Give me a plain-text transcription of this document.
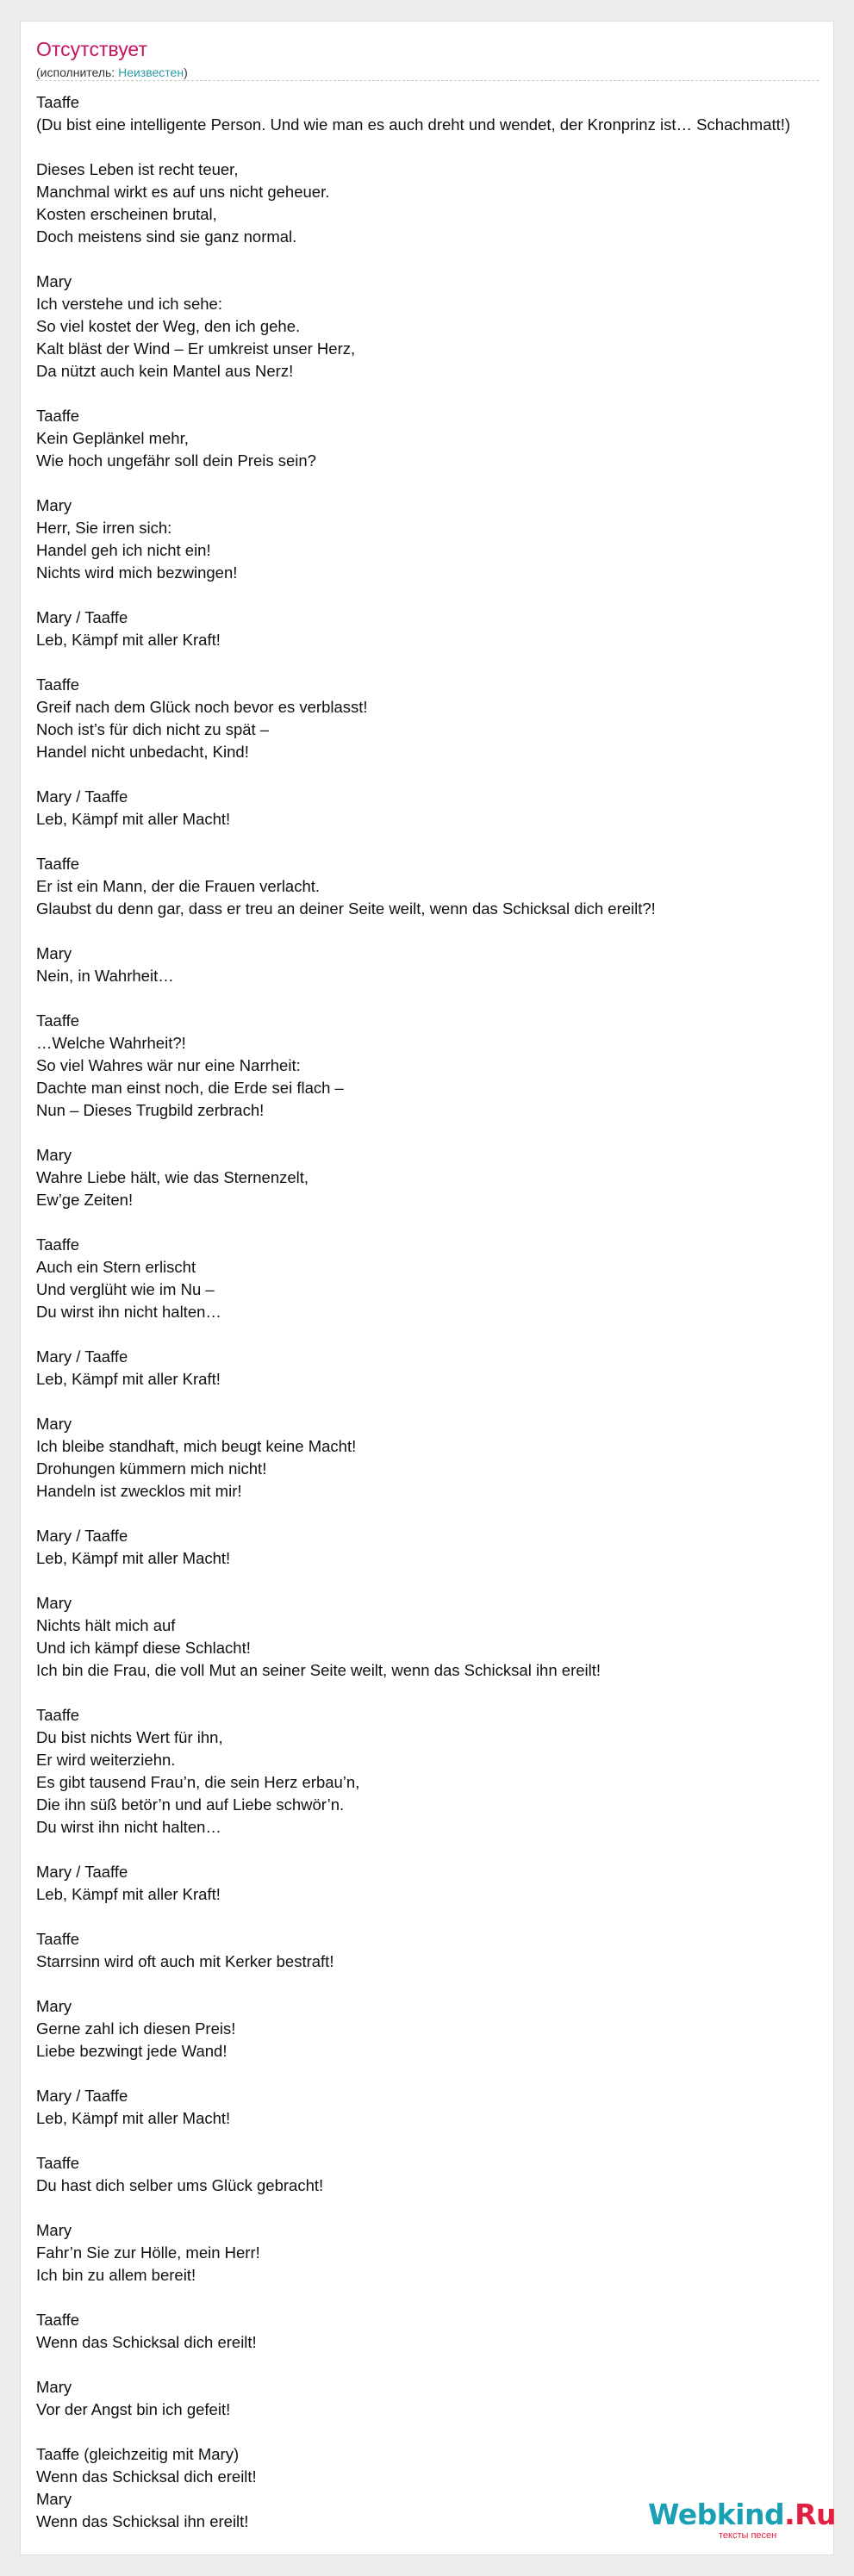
Отсутствует
(исполнитель: Неизвестен)
Taaffe
(Du bist eine intelligente Person. Und wie man es auch dreht und wendet, der Kronprinz ist… Schachmatt!)
Dieses Leben ist recht teuer,
Manchmal wirkt es auf uns nicht geheuer.
Kosten erscheinen brutal,
Doch meistens sind sie ganz normal.
Mary
Ich verstehe und ich sehe:
So viel kostet der Weg, den ich gehe.
Kalt bläst der Wind – Er umkreist unser Herz,
Da nützt auch kein Mantel aus Nerz!
Taaffe
Kein Geplänkel mehr,
Wie hoch ungefähr soll dein Preis sein?
Mary
Herr, Sie irren sich:
Handel geh ich nicht ein!
Nichts wird mich bezwingen!
Mary / Taaffe
Leb, Kämpf mit aller Kraft!
Taaffe
Greif nach dem Glück noch bevor es verblasst!
Noch ist’s für dich nicht zu spät –
Handel nicht unbedacht, Kind!
Mary / Taaffe
Leb, Kämpf mit aller Macht!
Taaffe
Er ist ein Mann, der die Frauen verlacht.
Glaubst du denn gar, dass er treu an deiner Seite weilt, wenn das Schicksal dich ereilt?!
Mary
Nein, in Wahrheit…
Taaffe
…Welche Wahrheit?!
So viel Wahres wär nur eine Narrheit:
Dachte man einst noch, die Erde sei flach –
Nun – Dieses Trugbild zerbrach!
Mary
Wahre Liebe hält, wie das Sternenzelt,
Ew’ge Zeiten!
Taaffe
Auch ein Stern erlischt
Und verglüht wie im Nu –
Du wirst ihn nicht halten…
Mary / Taaffe
Leb, Kämpf mit aller Kraft!
Mary
Ich bleibe standhaft, mich beugt keine Macht!
Drohungen kümmern mich nicht!
Handeln ist zwecklos mit mir!
Mary / Taaffe
Leb, Kämpf mit aller Macht!
Mary
Nichts hält mich auf
Und ich kämpf diese Schlacht!
Ich bin die Frau, die voll Mut an seiner Seite weilt, wenn das Schicksal ihn ereilt!
Taaffe
Du bist nichts Wert für ihn,
Er wird weiterziehn.
Es gibt tausend Frau’n, die sein Herz erbau’n,
Die ihn süß betör’n und auf Liebe schwör’n.
Du wirst ihn nicht halten…
Mary / Taaffe
Leb, Kämpf mit aller Kraft!
Taaffe
Starrsinn wird oft auch mit Kerker bestraft!
Mary
Gerne zahl ich diesen Preis!
Liebe bezwingt jede Wand!
Mary / Taaffe
Leb, Kämpf mit aller Macht!
Taaffe
Du hast dich selber ums Glück gebracht!
Mary
Fahr’n Sie zur Hölle, mein Herr!
Ich bin zu allem bereit!
Taaffe
Wenn das Schicksal dich ereilt!
Mary
Vor der Angst bin ich gefeit!
Taaffe (gleichzeitig mit Mary)
Wenn das Schicksal dich ereilt!
Mary
Wenn das Schicksal ihn ereilt!	Webkind.Ru
тексты песен
